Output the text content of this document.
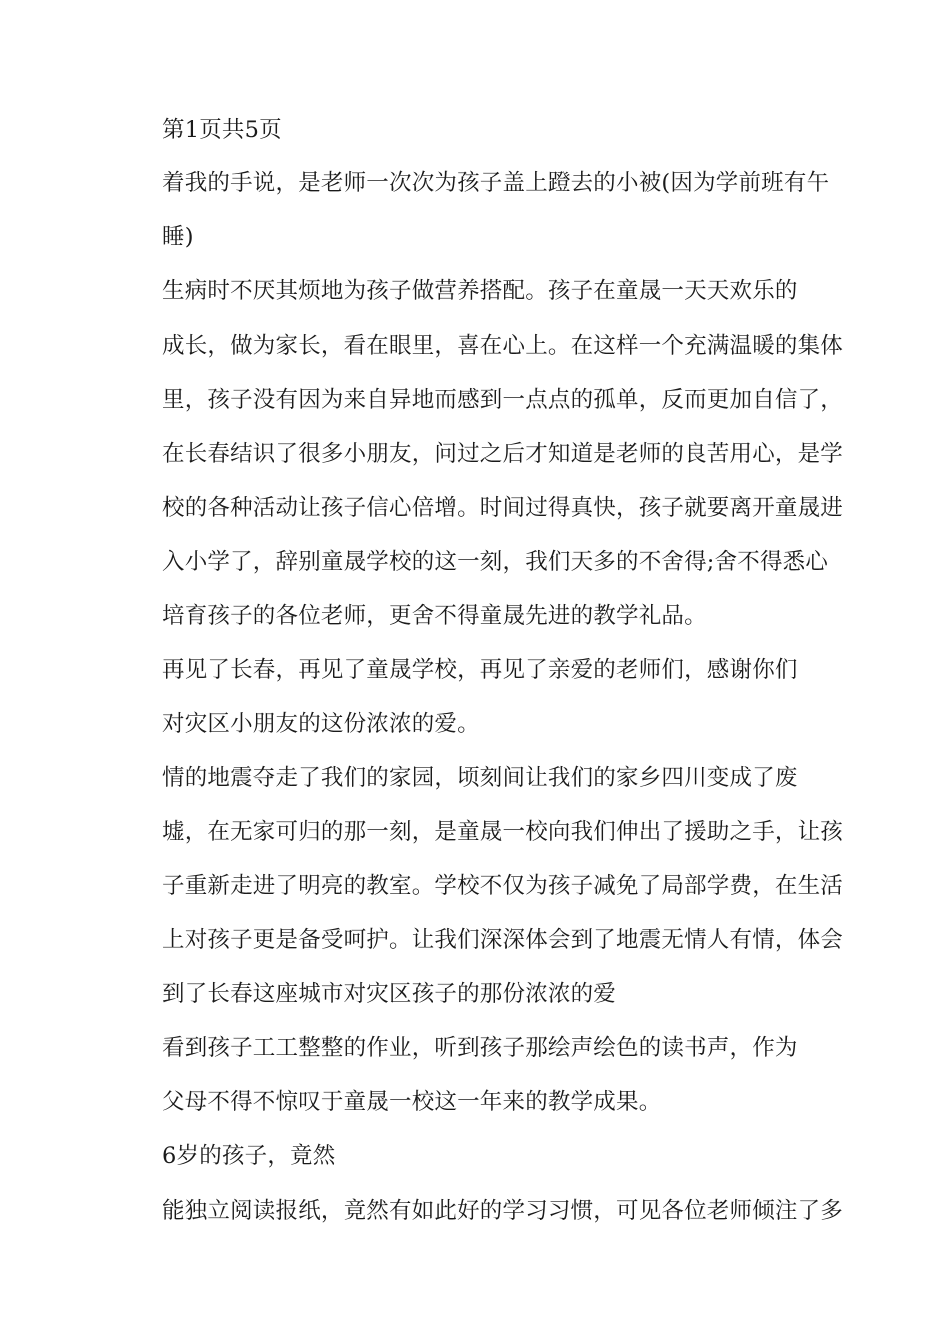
第1页共5页
着我的手说，是老师一次次为孩子盖上蹬去的小被(因为学前班有午
睡)
生病时不厌其烦地为孩子做营养搭配。孩子在童晟一天天欢乐的
成长，做为家长，看在眼里，喜在心上。在这样一个充满温暖的集体
里，孩子没有因为来自异地而感到一点点的孤单，反而更加自信了，
在长春结识了很多小朋友，问过之后才知道是老师的良苦用心，是学
校的各种活动让孩子信心倍增。时间过得真快，孩子就要离开童晟进
入小学了，辞别童晟学校的这一刻，我们天多的不舍得;舍不得悉心
培育孩子的各位老师，更舍不得童晟先进的教学礼品。
再见了长春，再见了童晟学校，再见了亲爱的老师们，感谢你们
对灾区小朋友的这份浓浓的爱。
情的地震夺走了我们的家园，顷刻间让我们的家乡四川变成了废
墟，在无家可归的那一刻，是童晟一校向我们伸出了援助之手，让孩
子重新走进了明亮的教室。学校不仅为孩子减免了局部学费，在生活
上对孩子更是备受呵护。让我们深深体会到了地震无情人有情，体会
到了长春这座城市对灾区孩子的那份浓浓的爱
看到孩子工工整整的作业，听到孩子那绘声绘色的读书声，作为
父母不得不惊叹于童晟一校这一年来的教学成果。
6岁的孩子，竟然
能独立阅读报纸，竟然有如此好的学习习惯，可见各位老师倾注了多
